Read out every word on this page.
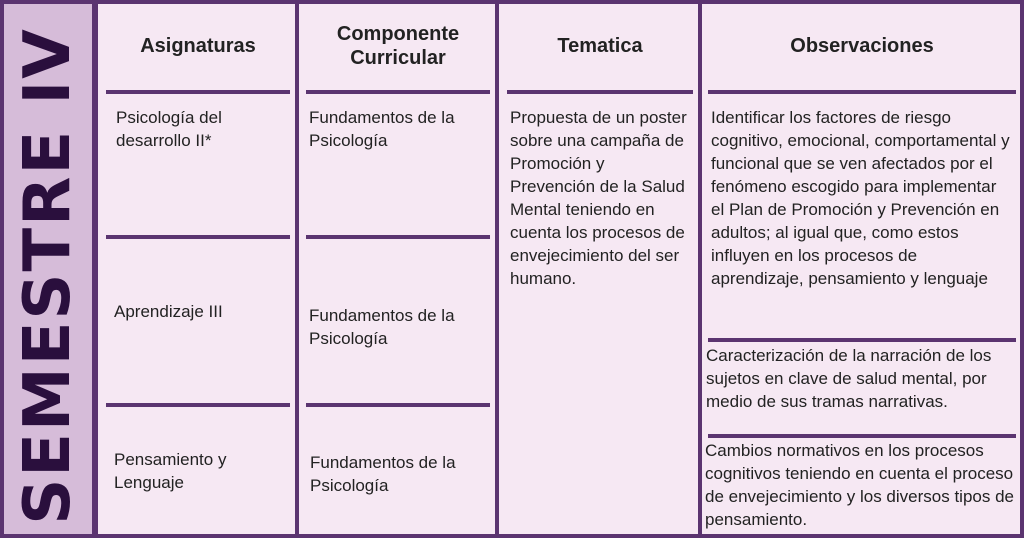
SEMESTRE IV	Asignaturas
Componente Curricular
Tematica	Observaciones
Psicología del desarrollo II*
Aprendizaje III
Pensamiento y Lenguaje
Fundamentos de la Psicología
Fundamentos de la Psicología
Fundamentos de la Psicología
Propuesta de un poster sobre una campaña de Promoción y Prevención de la Salud Mental teniendo en cuenta los procesos de envejecimiento del ser humano.
Identificar los factores de riesgo cognitivo, emocional, comportamental y funcional que se ven afectados por el fenómeno escogido para implementar el Plan de Promoción y Prevención en adultos; al igual que, como estos influyen en los procesos de aprendizaje, pensamiento y lenguaje
Caracterización de la narración de los sujetos en clave de salud mental, por medio de sus tramas narrativas.
Cambios normativos en los procesos cognitivos teniendo en cuenta el proceso de envejecimiento y los diversos tipos de pensamiento.
